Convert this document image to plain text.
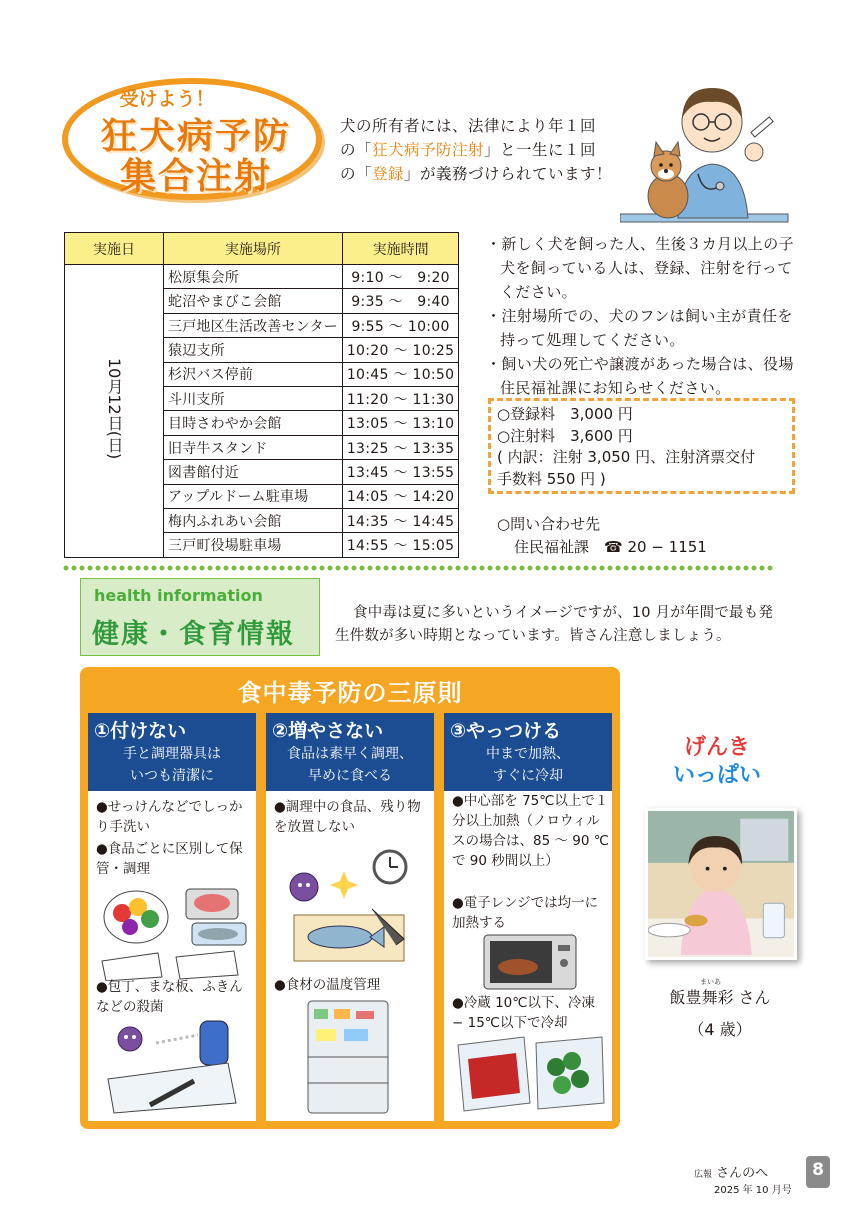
受けよう！
狂犬病予防
集合注射
犬の所有者には、法律により年１回
の「狂犬病予防注射」と一生に１回
の「登録」が義務づけられています！
実施日	実施場所	実施時間
10月12日(日)	松原集会所	9:10 ～　9:20
	蛇沼やまびこ会館	9:35 ～　9:40
	三戸地区生活改善センター	9:55 ～ 10:00
	猿辺支所	10:20 ～ 10:25
	杉沢バス停前	10:45 ～ 10:50
	斗川支所	11:20 ～ 11:30
	目時さわやか会館	13:05 ～ 13:10
	旧寺牛スタンド	13:25 ～ 13:35
	図書館付近	13:45 ～ 13:55
	アップルドーム駐車場	14:05 ～ 14:20
	梅内ふれあい会館	14:35 ～ 14:45
	三戸町役場駐車場	14:55 ～ 15:05
・新しく犬を飼った人、生後３カ月以上の子犬を飼っている人は、登録、注射を行ってください。
・注射場所での、犬のフンは飼い主が責任を持って処理してください。
・飼い犬の死亡や譲渡があった場合は、役場住民福祉課にお知らせください。
○登録料　3,000 円
○注射料　3,600 円
( 内訳：注射 3,050 円、注射済票交付
手数料 550 円 )
○問い合わせ先
住民福祉課　☎ 20 − 1151
health information
健康・食育情報
食中毒は夏に多いというイメージですが、10 月が年間で最も発生件数が多い時期となっています。皆さん注意しましょう。
食中毒予防の三原則
①付けない
手と調理器具は
いつも清潔に
●せっけんなどでしっかり手洗い
●食品ごとに区別して保管・調理
●包丁、まな板、ふきんなどの殺菌
②増やさない
食品は素早く調理、
早めに食べる
●調理中の食品、残り物を放置しない
●食材の温度管理
③やっつける
中まで加熱、
すぐに冷却
●中心部を 75℃以上で１分以上加熱（ノロウィルスの場合は、85 ～ 90 ℃ で 90 秒間以上）
●電子レンジでは均一に加熱する
●冷蔵 10℃以下、冷凍 − 15℃以下で冷却
げんき
いっぱい
まいあ
飯豊舞彩 さん
（4 歳）
広報 さんのへ
2025 年 10 月号
8
